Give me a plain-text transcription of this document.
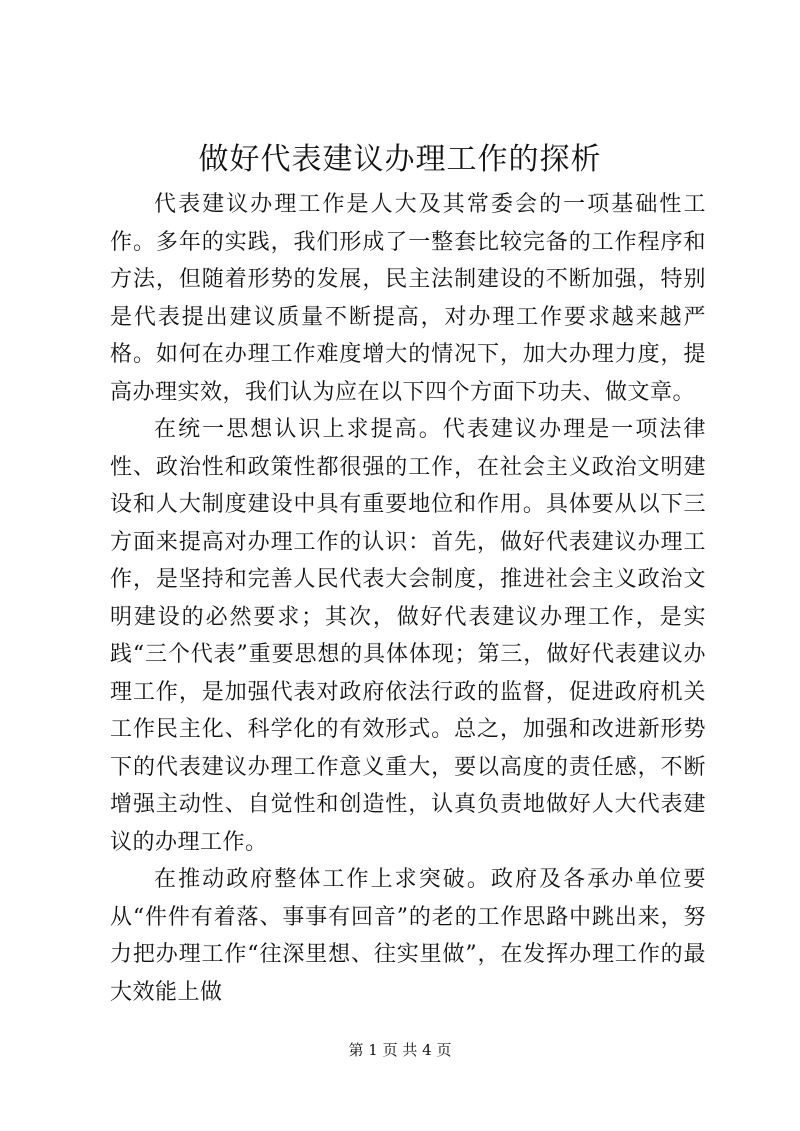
做好代表建议办理工作的探析

代表建议办理工作是人大及其常委会的一项基础性工作。多年的实践，我们形成了一整套比较完备的工作程序和方法，但随着形势的发展，民主法制建设的不断加强，特别是代表提出建议质量不断提高，对办理工作要求越来越严格。如何在办理工作难度增大的情况下，加大办理力度，提高办理实效，我们认为应在以下四个方面下功夫、做文章。

在统一思想认识上求提高。代表建议办理是一项法律性、政治性和政策性都很强的工作，在社会主义政治文明建设和人大制度建设中具有重要地位和作用。具体要从以下三方面来提高对办理工作的认识：首先，做好代表建议办理工作，是坚持和完善人民代表大会制度，推进社会主义政治文明建设的必然要求；其次，做好代表建议办理工作，是实践“三个代表”重要思想的具体体现；第三，做好代表建议办理工作，是加强代表对政府依法行政的监督，促进政府机关工作民主化、科学化的有效形式。总之，加强和改进新形势下的代表建议办理工作意义重大，要以高度的责任感，不断增强主动性、自觉性和创造性，认真负责地做好人大代表建议的办理工作。

在推动政府整体工作上求突破。政府及各承办单位要从“件件有着落、事事有回音”的老的工作思路中跳出来，努力把办理工作“往深里想、往实里做”，在发挥办理工作的最大效能上做

第 1 页 共 4 页
